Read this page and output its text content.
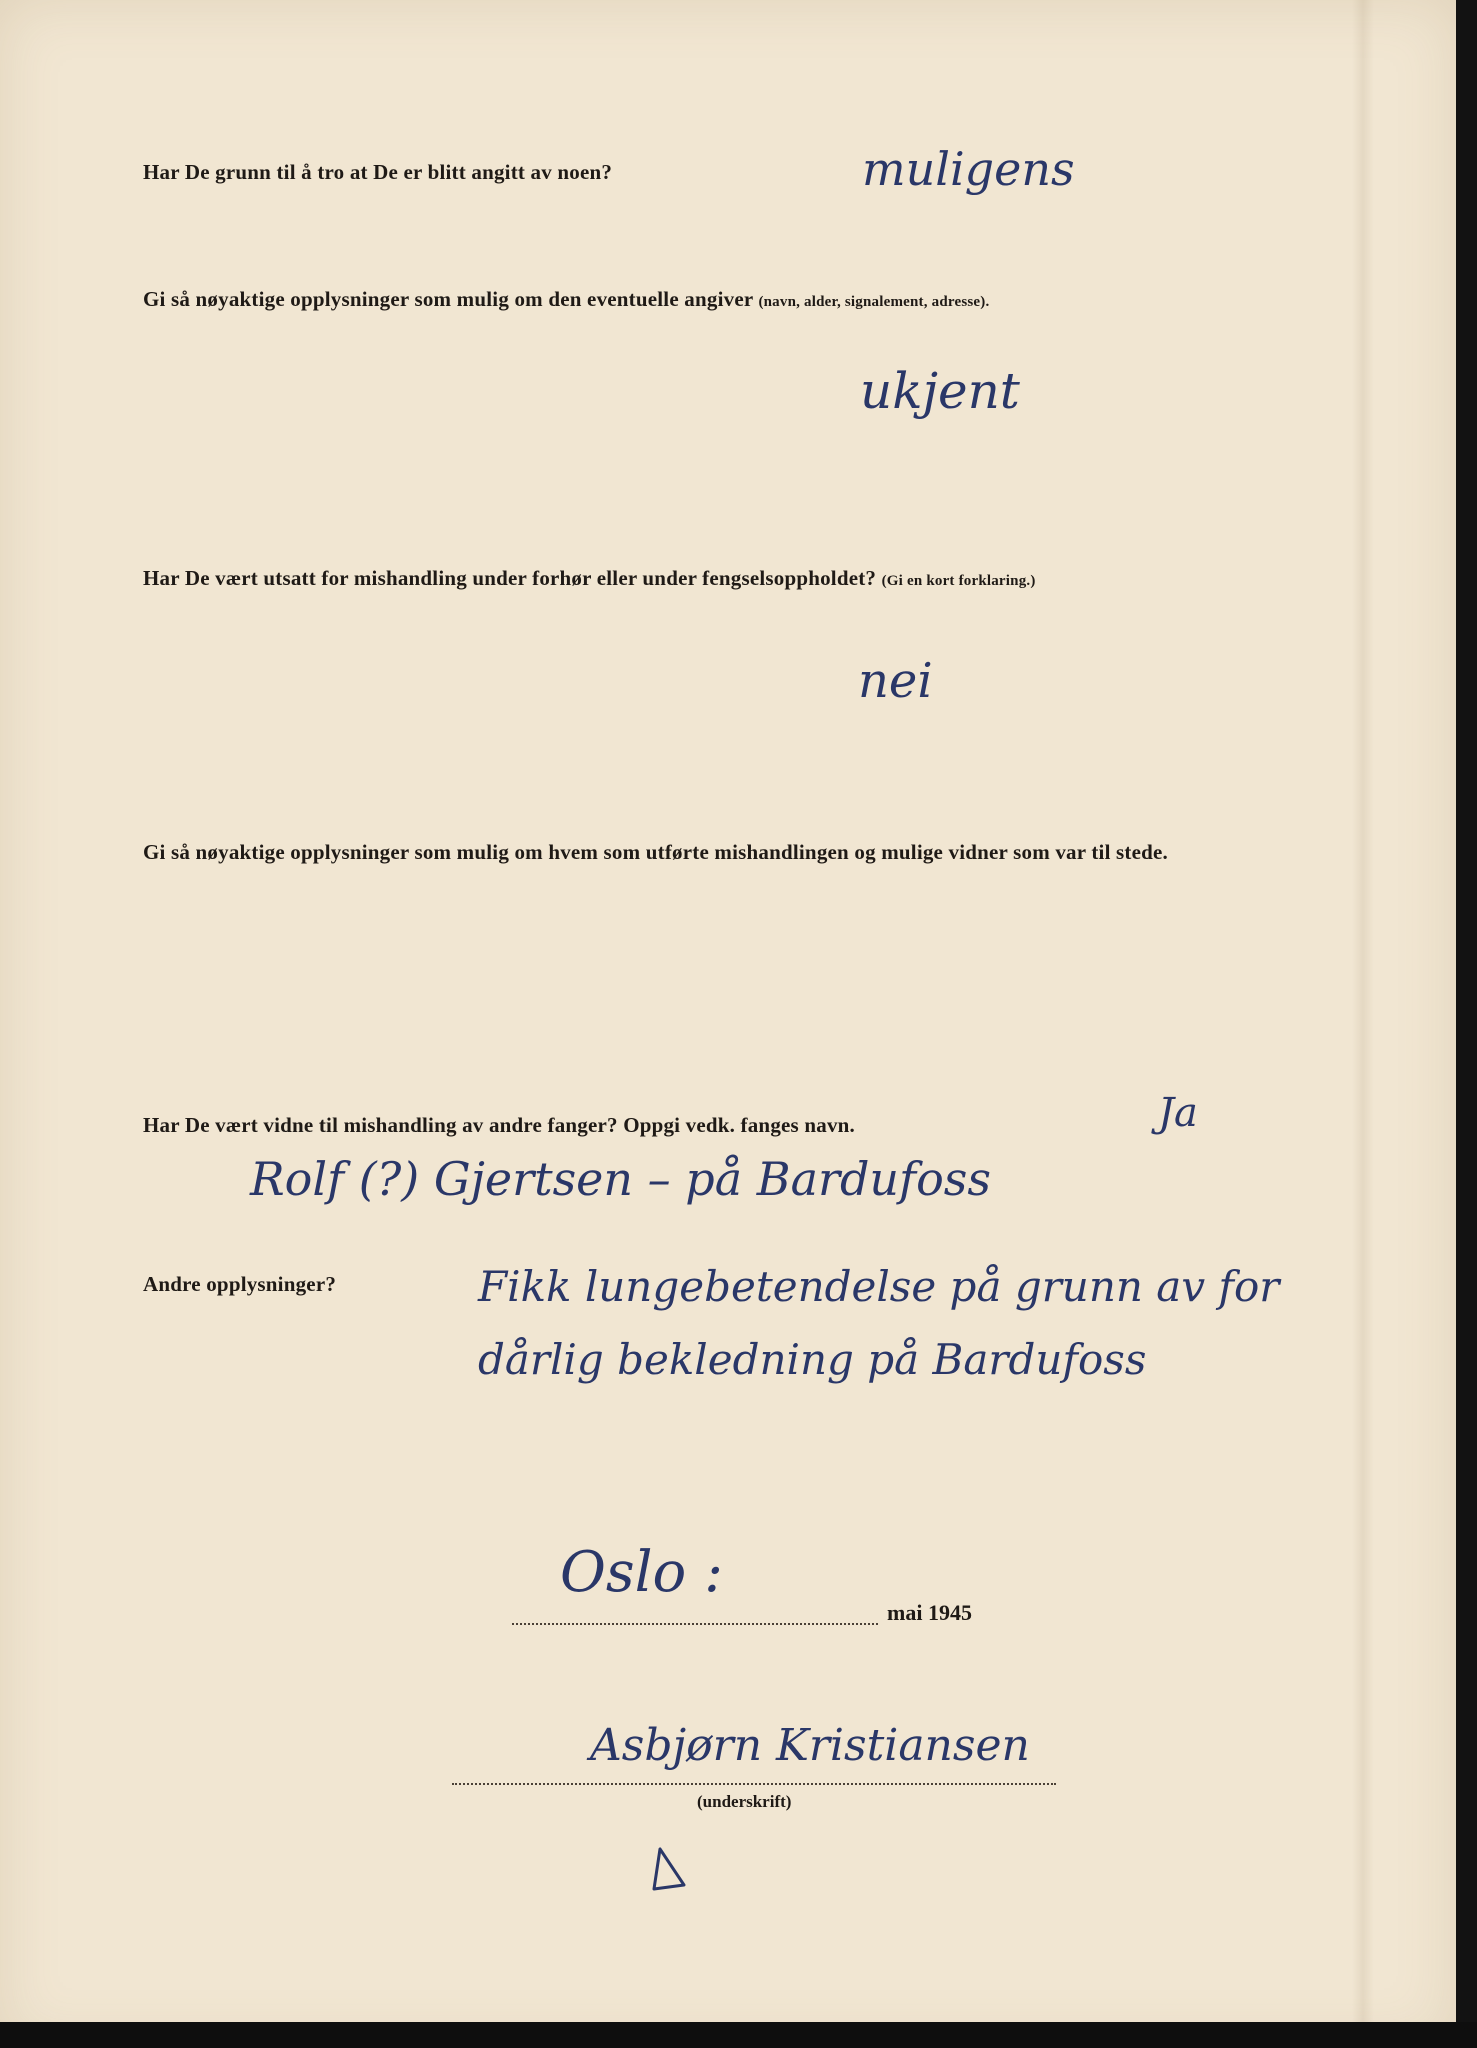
Har De grunn til å tro at De er blitt angitt av noen?	muligens
Gi så nøyaktige opplysninger som mulig om den eventuelle angiver (navn, alder, signalement, adresse).
ukjent
Har De vært utsatt for mishandling under forhør eller under fengselsoppholdet? (Gi en kort forklaring.)
nei
Gi så nøyaktige opplysninger som mulig om hvem som utførte mishandlingen og mulige vidner som var til stede.
Har De vært vidne til mishandling av andre fanger? Oppgi vedk. fanges navn.	Ja
Rolf (?) Gjertsen – på Bardufoss
Andre opplysninger?	Fikk lungebetendelse på grunn av for
dårlig bekledning på Bardufoss
Oslo :
mai 1945
Asbjørn Kristiansen
(underskrift)
